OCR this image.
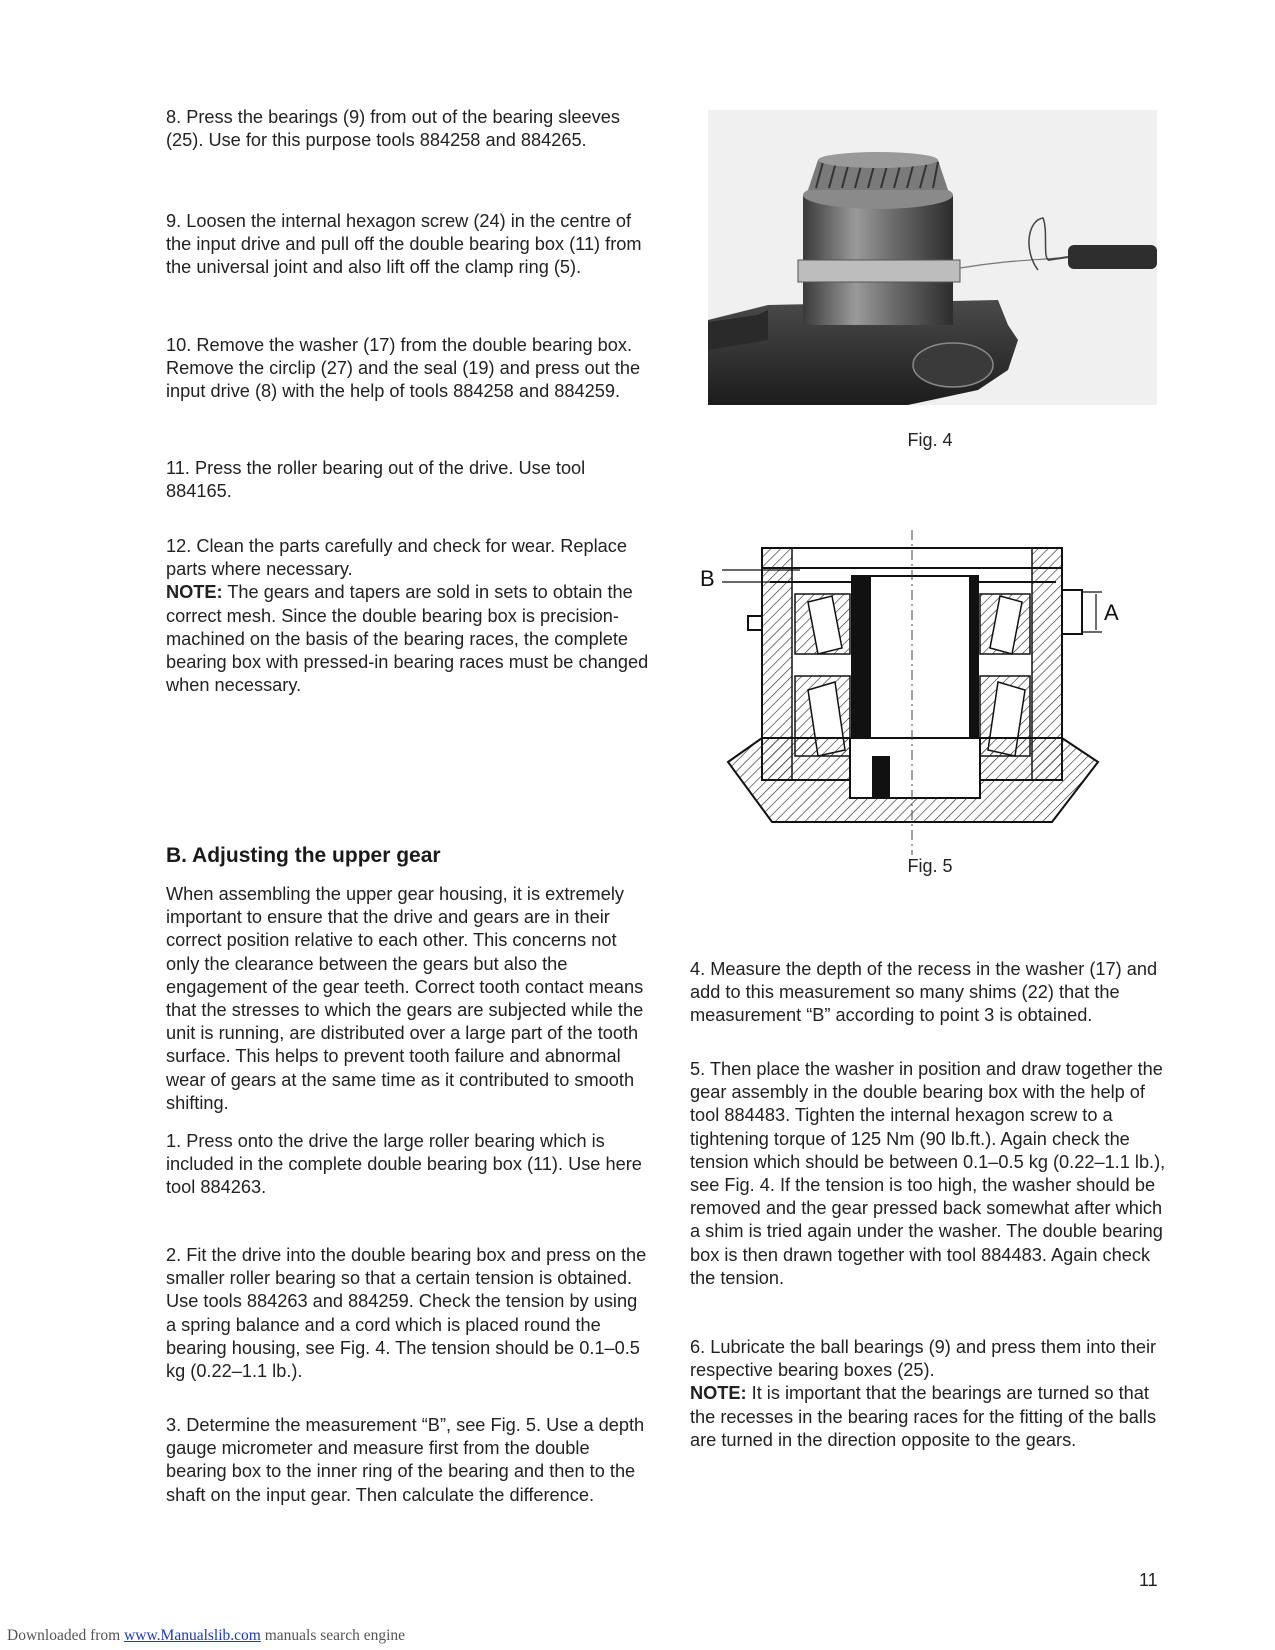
8. Press the bearings (9) from out of the bearing sleeves (25). Use for this purpose tools 884258 and 884265.

9. Loosen the internal hexagon screw (24) in the centre of the input drive and pull off the double bearing box (11) from the universal joint and also lift off the clamp ring (5).

10. Remove the washer (17) from the double bearing box. Remove the circlip (27) and the seal (19) and press out the input drive (8) with the help of tools 884258 and 884259.

11. Press the roller bearing out of the drive. Use tool 884165.

12. Clean the parts carefully and check for wear. Replace parts where necessary.
NOTE: The gears and tapers are sold in sets to obtain the correct mesh. Since the double bearing box is precision-machined on the basis of the bearing races, the complete bearing box with pressed-in bearing races must be changed when necessary.
B. Adjusting the upper gear

When assembling the upper gear housing, it is extremely important to ensure that the drive and gears are in their correct position relative to each other. This concerns not only the clearance between the gears but also the engagement of the gear teeth. Correct tooth contact means that the stresses to which the gears are subjected while the unit is running, are distributed over a large part of the tooth surface. This helps to prevent tooth failure and abnormal wear of gears at the same time as it contributed to smooth shifting.

1. Press onto the drive the large roller bearing which is included in the complete double bearing box (11). Use here tool 884263.

2. Fit the drive into the double bearing box and press on the smaller roller bearing so that a certain tension is obtained. Use tools 884263 and 884259. Check the tension by using a spring balance and a cord which is placed round the bearing housing, see Fig. 4. The tension should be 0.1–0.5 kg (0.22–1.1 lb.).

3. Determine the measurement “B”, see Fig. 5. Use a depth gauge micrometer and measure first from the double bearing box to the inner ring of the bearing and then to the shaft on the input gear. Then calculate the difference.

Fig. 4
B
A
Fig. 5

4. Measure the depth of the recess in the washer (17) and add to this measurement so many shims (22) that the measurement “B” according to point 3 is obtained.

5. Then place the washer in position and draw together the gear assembly in the double bearing box with the help of tool 884483. Tighten the internal hexagon screw to a tightening torque of 125 Nm (90 lb.ft.). Again check the tension which should be between 0.1–0.5 kg (0.22–1.1 lb.), see Fig. 4. If the tension is too high, the washer should be removed and the gear pressed back somewhat after which a shim is tried again under the washer. The double bearing box is then drawn together with tool 884483. Again check the tension.

6. Lubricate the ball bearings (9) and press them into their respective bearing boxes (25).
NOTE: It is important that the bearings are turned so that the recesses in the bearing races for the fitting of the balls are turned in the direction opposite to the gears.
11
Downloaded from www.Manualslib.com manuals search engine
